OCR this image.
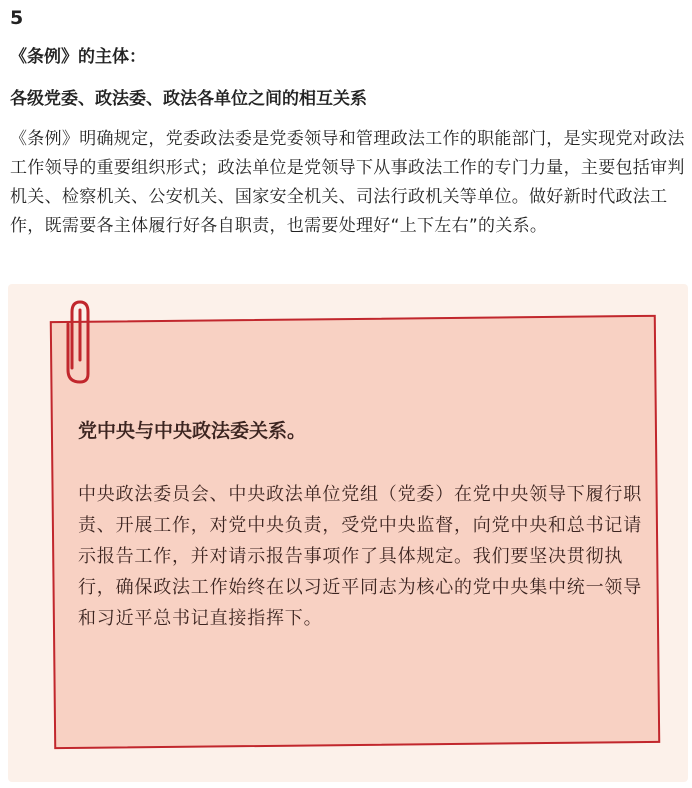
5
《条例》的主体：
各级党委、政法委、政法各单位之间的相互关系

《条例》明确规定，党委政法委是党委领导和管理政法工作的职能部门，是实现党对政法工作领导的重要组织形式；政法单位是党领导下从事政法工作的专门力量，主要包括审判机关、检察机关、公安机关、国家安全机关、司法行政机关等单位。做好新时代政法工作，既需要各主体履行好各自职责，也需要处理好“上下左右”的关系。

党中央与中央政法委关系。

中央政法委员会、中央政法单位党组（党委）在党中央领导下履行职责、开展工作，对党中央负责，受党中央监督，向党中央和总书记请示报告工作，并对请示报告事项作了具体规定。我们要坚决贯彻执行，确保政法工作始终在以习近平同志为核心的党中央集中统一领导和习近平总书记直接指挥下。
